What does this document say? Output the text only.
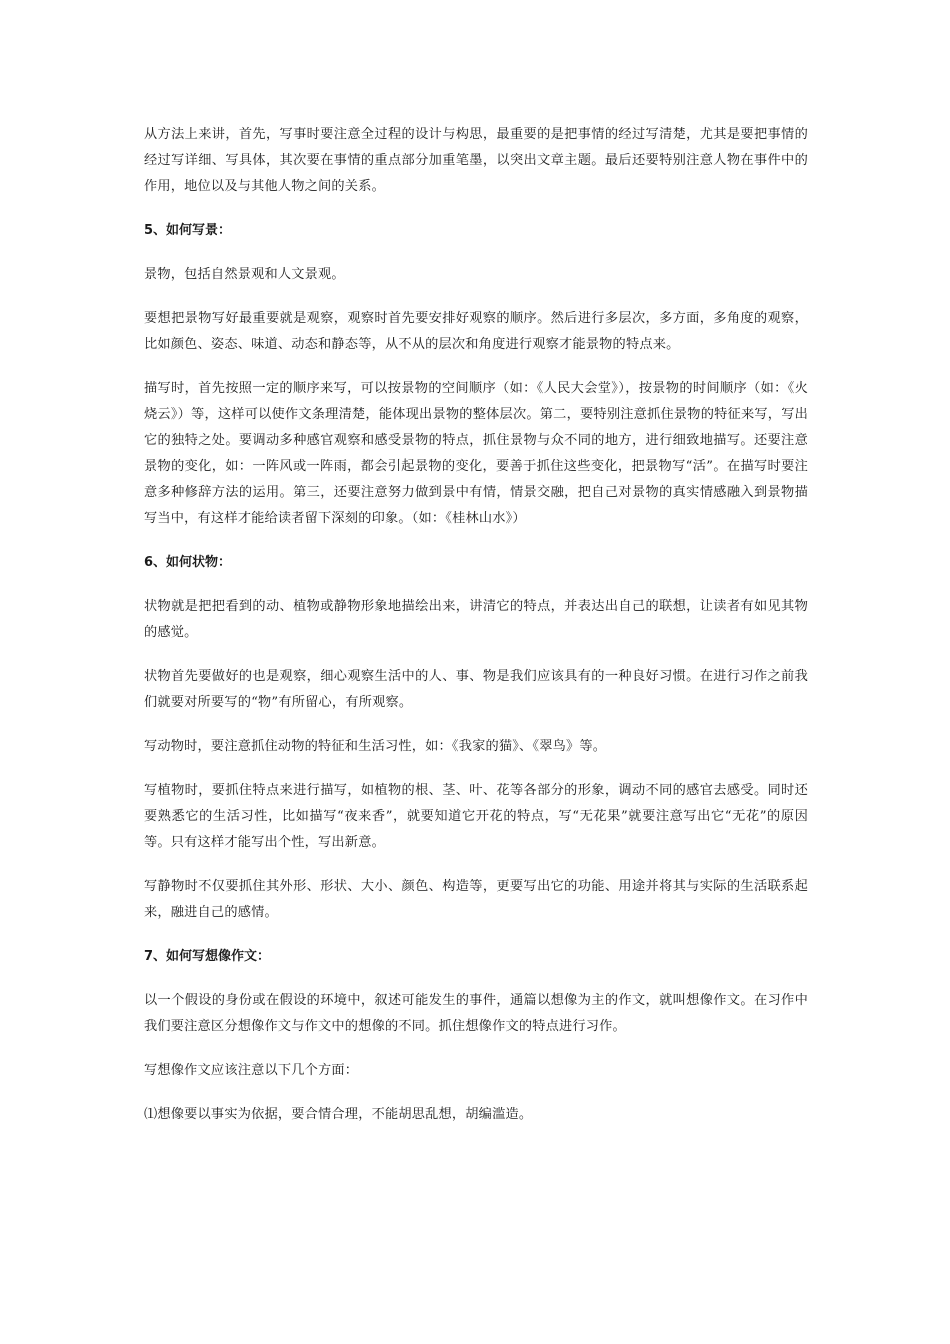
从方法上来讲，首先，写事时要注意全过程的设计与构思，最重要的是把事情的经过写清楚，尤其是要把事情的经过写详细、写具体，其次要在事情的重点部分加重笔墨，以突出文章主题。最后还要特别注意人物在事件中的作用，地位以及与其他人物之间的关系。

5、如何写景：

景物，包括自然景观和人文景观。

要想把景物写好最重要就是观察，观察时首先要安排好观察的顺序。然后进行多层次，多方面，多角度的观察，比如颜色、姿态、味道、动态和静态等，从不从的层次和角度进行观察才能景物的特点来。

描写时，首先按照一定的顺序来写，可以按景物的空间顺序（如：《人民大会堂》），按景物的时间顺序（如：《火烧云》）等，这样可以使作文条理清楚，能体现出景物的整体层次。第二，要特别注意抓住景物的特征来写，写出它的独特之处。要调动多种感官观察和感受景物的特点，抓住景物与众不同的地方，进行细致地描写。还要注意景物的变化，如：一阵风或一阵雨，都会引起景物的变化，要善于抓住这些变化，把景物写“活”。在描写时要注意多种修辞方法的运用。第三，还要注意努力做到景中有情，情景交融，把自己对景物的真实情感融入到景物描写当中，有这样才能给读者留下深刻的印象。（如：《桂林山水》）

6、如何状物：

状物就是把把看到的动、植物或静物形象地描绘出来，讲清它的特点，并表达出自己的联想，让读者有如见其物的感觉。

状物首先要做好的也是观察，细心观察生活中的人、事、物是我们应该具有的一种良好习惯。在进行习作之前我们就要对所要写的“物”有所留心，有所观察。

写动物时，要注意抓住动物的特征和生活习性，如：《我家的猫》、《翠鸟》等。

写植物时，要抓住特点来进行描写，如植物的根、茎、叶、花等各部分的形象，调动不同的感官去感受。同时还要熟悉它的生活习性，比如描写“夜来香”，就要知道它开花的特点，写“无花果”就要注意写出它“无花”的原因等。只有这样才能写出个性，写出新意。

写静物时不仅要抓住其外形、形状、大小、颜色、构造等，更要写出它的功能、用途并将其与实际的生活联系起来，融进自己的感情。

7、如何写想像作文：

以一个假设的身份或在假设的环境中，叙述可能发生的事件，通篇以想像为主的作文，就叫想像作文。在习作中我们要注意区分想像作文与作文中的想像的不同。抓住想像作文的特点进行习作。

写想像作文应该注意以下几个方面：

⑴想像要以事实为依据，要合情合理，不能胡思乱想，胡编滥造。
